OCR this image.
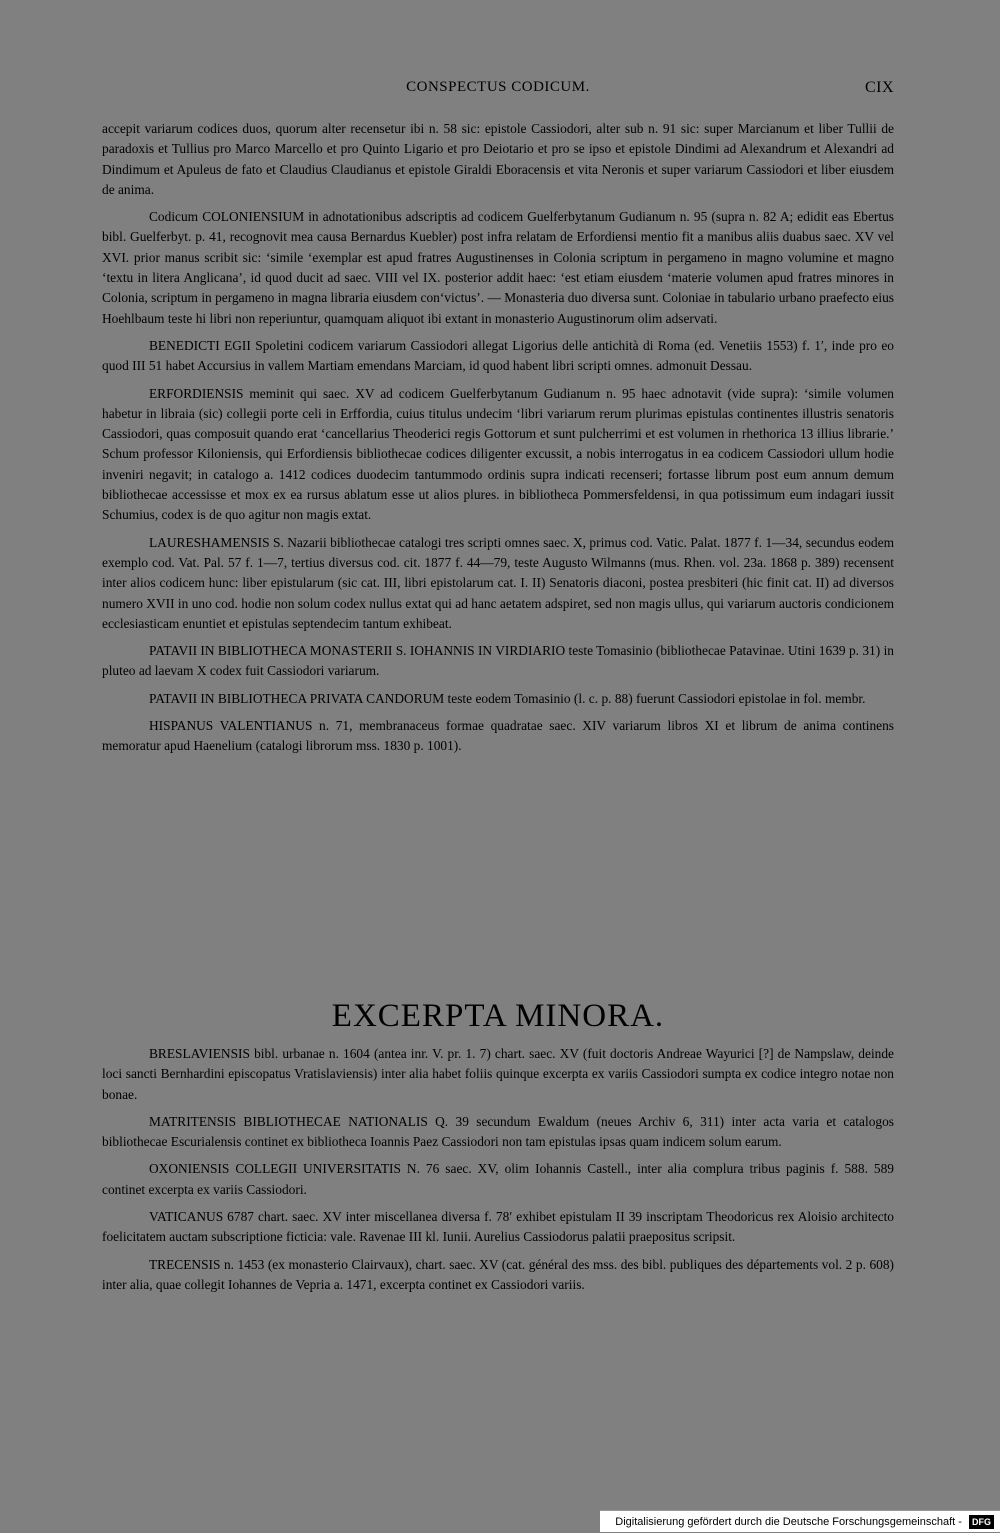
CONSPECTUS CODICUM.	CIX

accepit variarum codices duos, quorum alter recensetur ibi n. 58 sic: epistole Cassiodori, alter sub n. 91 sic: super Marcianum et liber Tullii de paradoxis et Tullius pro Marco Marcello et pro Quinto Ligario et pro Deiotario et pro se ipso et epistole Dindimi ad Alexandrum et Alexandri ad Dindimum et Apuleus de fato et Claudius Claudianus et epistole Giraldi Eboracensis et vita Neronis et super variarum Cassiodori et liber eiusdem de anima.

Codicum COLONIENSIUM in adnotationibus adscriptis ad codicem Guelferbytanum Gudianum n. 95 (supra n. 82 A; edidit eas Ebertus bibl. Guelferbyt. p. 41, recognovit mea causa Bernardus Kuebler) post infra relatam de Erfordiensi mentio fit a manibus aliis duabus saec. XV vel XVI. prior manus scribit sic: ‘simile ‘exemplar est apud fratres Augustinenses in Colonia scriptum in pergameno in magno volumine et magno ‘textu in litera Anglicana’, id quod ducit ad saec. VIII vel IX. posterior addit haec: ‘est etiam eiusdem ‘materie volumen apud fratres minores in Colonia, scriptum in pergameno in magna libraria eiusdem con‘victus’. — Monasteria duo diversa sunt. Coloniae in tabulario urbano praefecto eius Hoehlbaum teste hi libri non reperiuntur, quamquam aliquot ibi extant in monasterio Augustinorum olim adservati.

BENEDICTI EGII Spoletini codicem variarum Cassiodori allegat Ligorius delle antichità di Roma (ed. Venetiis 1553) f. 1′, inde pro eo quod III 51 habet Accursius in vallem Martiam emendans Marciam, id quod habent libri scripti omnes. admonuit Dessau.

ERFORDIENSIS meminit qui saec. XV ad codicem Guelferbytanum Gudianum n. 95 haec adnotavit (vide supra): ‘simile volumen habetur in libraia (sic) collegii porte celi in Erffordia, cuius titulus undecim ‘libri variarum rerum plurimas epistulas continentes illustris senatoris Cassiodori, quas composuit quando erat ‘cancellarius Theoderici regis Gottorum et sunt pulcherrimi et est volumen in rhethorica 13 illius librarie.’ Schum professor Kiloniensis, qui Erfordiensis bibliothecae codices diligenter excussit, a nobis interrogatus in ea codicem Cassiodori ullum hodie inveniri negavit; in catalogo a. 1412 codices duodecim tantummodo ordinis supra indicati recenseri; fortasse librum post eum annum demum bibliothecae accessisse et mox ex ea rursus ablatum esse ut alios plures. in bibliotheca Pommersfeldensi, in qua potissimum eum indagari iussit Schumius, codex is de quo agitur non magis extat.

LAURESHAMENSIS S. Nazarii bibliothecae catalogi tres scripti omnes saec. X, primus cod. Vatic. Palat. 1877 f. 1—34, secundus eodem exemplo cod. Vat. Pal. 57 f. 1—7, tertius diversus cod. cit. 1877 f. 44—79, teste Augusto Wilmanns (mus. Rhen. vol. 23a. 1868 p. 389) recensent inter alios codicem hunc: liber epistularum (sic cat. III, libri epistolarum cat. I. II) Senatoris diaconi, postea presbiteri (hic finit cat. II) ad diversos numero XVII in uno cod. hodie non solum codex nullus extat qui ad hanc aetatem adspiret, sed non magis ullus, qui variarum auctoris condicionem ecclesiasticam enuntiet et epistulas septendecim tantum exhibeat.

PATAVII IN BIBLIOTHECA MONASTERII S. IOHANNIS IN VIRDIARIO teste Tomasinio (bibliothecae Patavinae. Utini 1639 p. 31) in pluteo ad laevam X codex fuit Cassiodori variarum.

PATAVII IN BIBLIOTHECA PRIVATA CANDORUM teste eodem Tomasinio (l. c. p. 88) fuerunt Cassiodori epistolae in fol. membr.

HISPANUS VALENTIANUS n. 71, membranaceus formae quadratae saec. XIV variarum libros XI et librum de anima continens memoratur apud Haenelium (catalogi librorum mss. 1830 p. 1001).

EXCERPTA MINORA.

BRESLAVIENSIS bibl. urbanae n. 1604 (antea inr. V. pr. 1. 7) chart. saec. XV (fuit doctoris Andreae Wayurici [?] de Nampslaw, deinde loci sancti Bernhardini episcopatus Vratislaviensis) inter alia habet foliis quinque excerpta ex variis Cassiodori sumpta ex codice integro notae non bonae.

MATRITENSIS BIBLIOTHECAE NATIONALIS Q. 39 secundum Ewaldum (neues Archiv 6, 311) inter acta varia et catalogos bibliothecae Escurialensis continet ex bibliotheca Ioannis Paez Cassiodori non tam epistulas ipsas quam indicem solum earum.

OXONIENSIS COLLEGII UNIVERSITATIS N. 76 saec. XV, olim Iohannis Castell., inter alia complura tribus paginis f. 588. 589 continet excerpta ex variis Cassiodori.

VATICANUS 6787 chart. saec. XV inter miscellanea diversa f. 78′ exhibet epistulam II 39 inscriptam Theodoricus rex Aloisio architecto foelicitatem auctam subscriptione ficticia: vale. Ravenae III kl. Iunii. Aurelius Cassiodorus palatii praepositus scripsit.

TRECENSIS n. 1453 (ex monasterio Clairvaux), chart. saec. XV (cat. général des mss. des bibl. publiques des départements vol. 2 p. 608) inter alia, quae collegit Iohannes de Vepria a. 1471, excerpta continet ex Cassiodori variis.

Digitalisierung gefördert durch die Deutsche Forschungsgemeinschaft - DFG
